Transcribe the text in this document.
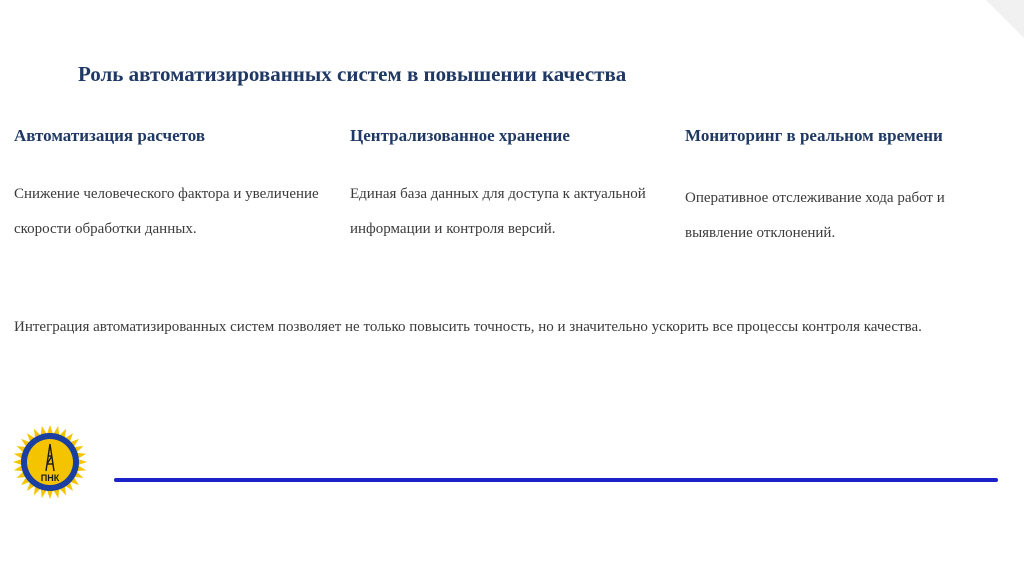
Роль автоматизированных систем в повышении качества
Автоматизация расчетов
Снижение человеческого фактора и увеличение скорости обработки данных.
Централизованное хранение
Единая база данных для доступа к актуальной информации и контроля версий.
Мониторинг в реальном времени
Оперативное отслеживание хода работ и выявление отклонений.
Интеграция автоматизированных систем позволяет не только повысить точность, но и значительно ускорить все процессы контроля качества.
ПНК
